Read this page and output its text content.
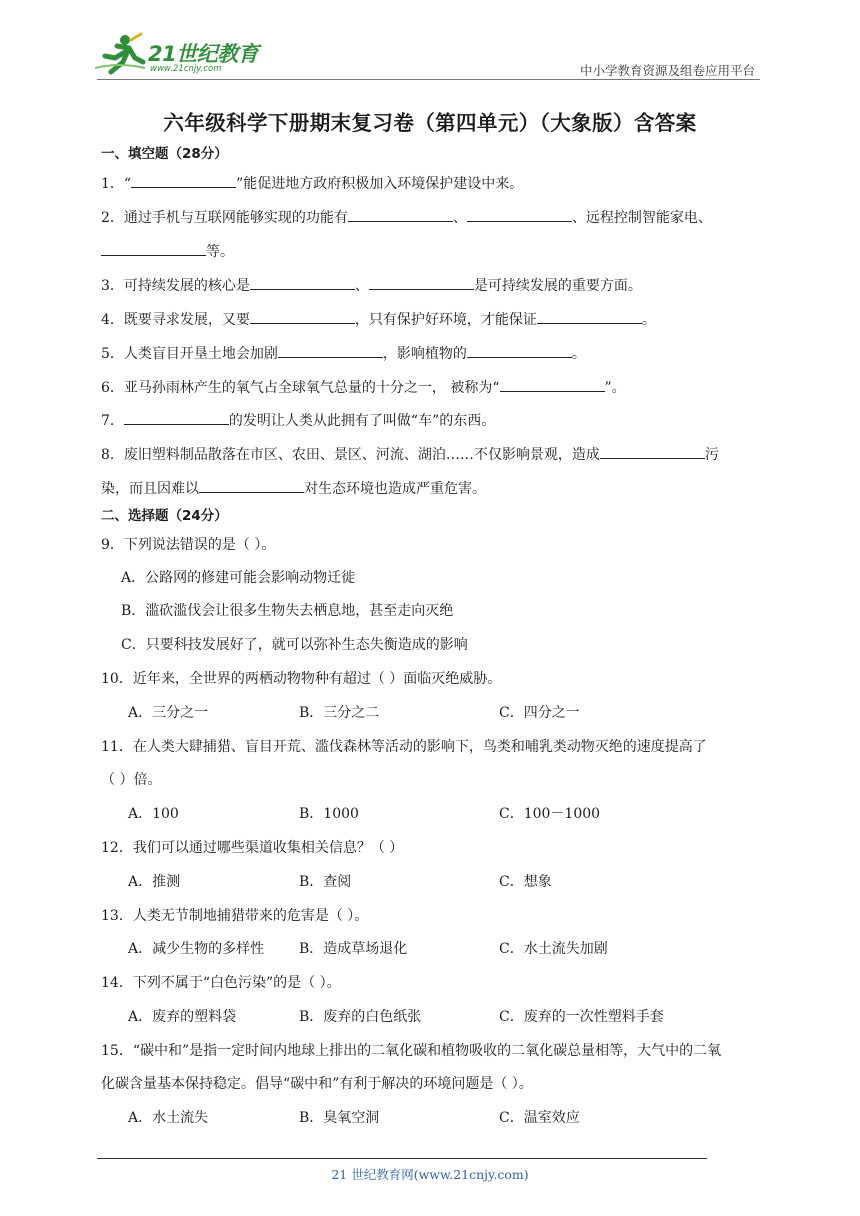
21世纪教育
www.21cnjy.com	中小学教育资源及组卷应用平台
六年级科学下册期末复习卷（第四单元）（大象版）含答案
一、填空题（28分）
1．“	”能促进地方政府积极加入环境保护建设中来。
2．通过手机与互联网能够实现的功能有	、	、远程控制智能家电、
等。
3．可持续发展的核心是	、	是可持续发展的重要方面。
4．既要寻求发展，又要	，只有保护好环境，才能保证	。
5．人类盲目开垦土地会加剧	，影响植物的	。
6．亚马孙雨林产生的氧气占全球氧气总量的十分之一， 被称为“	”。
7．	的发明让人类从此拥有了叫做“车”的东西。
8．废旧塑料制品散落在市区、农田、景区、河流、湖泊……不仅影响景观，造成	污
染，而且因难以	对生态环境也造成严重危害。
二、选择题（24分）
9．下列说法错误的是（ ）。
A．公路网的修建可能会影响动物迁徙
B．滥砍滥伐会让很多生物失去栖息地，甚至走向灭绝
C．只要科技发展好了，就可以弥补生态失衡造成的影响
10．近年来，全世界的两栖动物物种有超过（ ）面临灭绝威胁。
A．三分之一	B．三分之二	C．四分之一
11．在人类大肆捕猎、盲目开荒、滥伐森林等活动的影响下，鸟类和哺乳类动物灭绝的速度提高了
（ ）倍。
A．100	B．1000	C．100－1000
12．我们可以通过哪些渠道收集相关信息？（ ）
A．推测	B．查阅	C．想象
13．人类无节制地捕猎带来的危害是（ ）。
A．减少生物的多样性 B．造成草场退化	C．水土流失加剧
14．下列不属于“白色污染”的是（ ）。
A．废弃的塑料袋	B．废弃的白色纸张	C．废弃的一次性塑料手套
15．“碳中和”是指一定时间内地球上排出的二氧化碳和植物吸收的二氧化碳总量相等，大气中的二氧
化碳含量基本保持稳定。倡导“碳中和”有利于解决的环境问题是（ ）。
A．水土流失	B．臭氧空洞	C．温室效应
21 世纪教育网(www.21cnjy.com)
